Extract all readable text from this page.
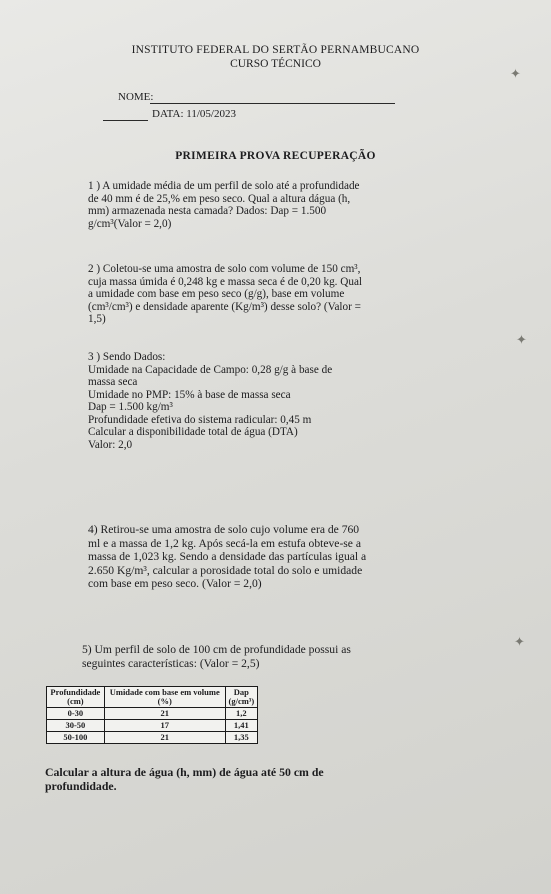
INSTITUTO FEDERAL DO SERTÃO PERNAMBUCANO
CURSO TÉCNICO
NOME:
DATA: 11/05/2023
PRIMEIRA PROVA RECUPERAÇÃO

1 ) A umidade média de um perfil de solo até a profundidade

de 40 mm é de 25,% em peso seco. Qual a altura dágua (h,

mm) armazenada nesta camada? Dados: Dap = 1.500

g/cm³(Valor = 2,0)

2 ) Coletou-se uma amostra de solo com volume de 150 cm³,

cuja massa úmida é 0,248 kg e massa seca é de 0,20 kg. Qual

a umidade com base em peso seco (g/g), base em volume

(cm³/cm³) e densidade aparente (Kg/m³) desse solo? (Valor =

1,5)

3 ) Sendo Dados:

Umidade na Capacidade de Campo: 0,28 g/g à base de

massa seca

Umidade no PMP: 15% à base de massa seca

Dap = 1.500 kg/m³

Profundidade efetiva do sistema radicular: 0,45 m

Calcular a disponibilidade total de água (DTA)

Valor: 2,0

4) Retirou-se uma amostra de solo cujo volume era de 760

ml e a massa de 1,2 kg. Após secá-la em estufa obteve-se a

massa de 1,023 kg. Sendo a densidade das partículas igual a

2.650 Kg/m³, calcular a porosidade total do solo e umidade

com base em peso seco. (Valor = 2,0)

5) Um perfil de solo de 100 cm de profundidade possui as

seguintes características: (Valor = 2,5)

Profundidade
(cm)	Umidade com base em volume
(%)	Dap
(g/cm³)
0-30	21	1,2
30-50	17	1,41
50-100	21	1,35

Calcular a altura de água (h, mm) de água até 50 cm de

profundidade.

✦
✦
✦
